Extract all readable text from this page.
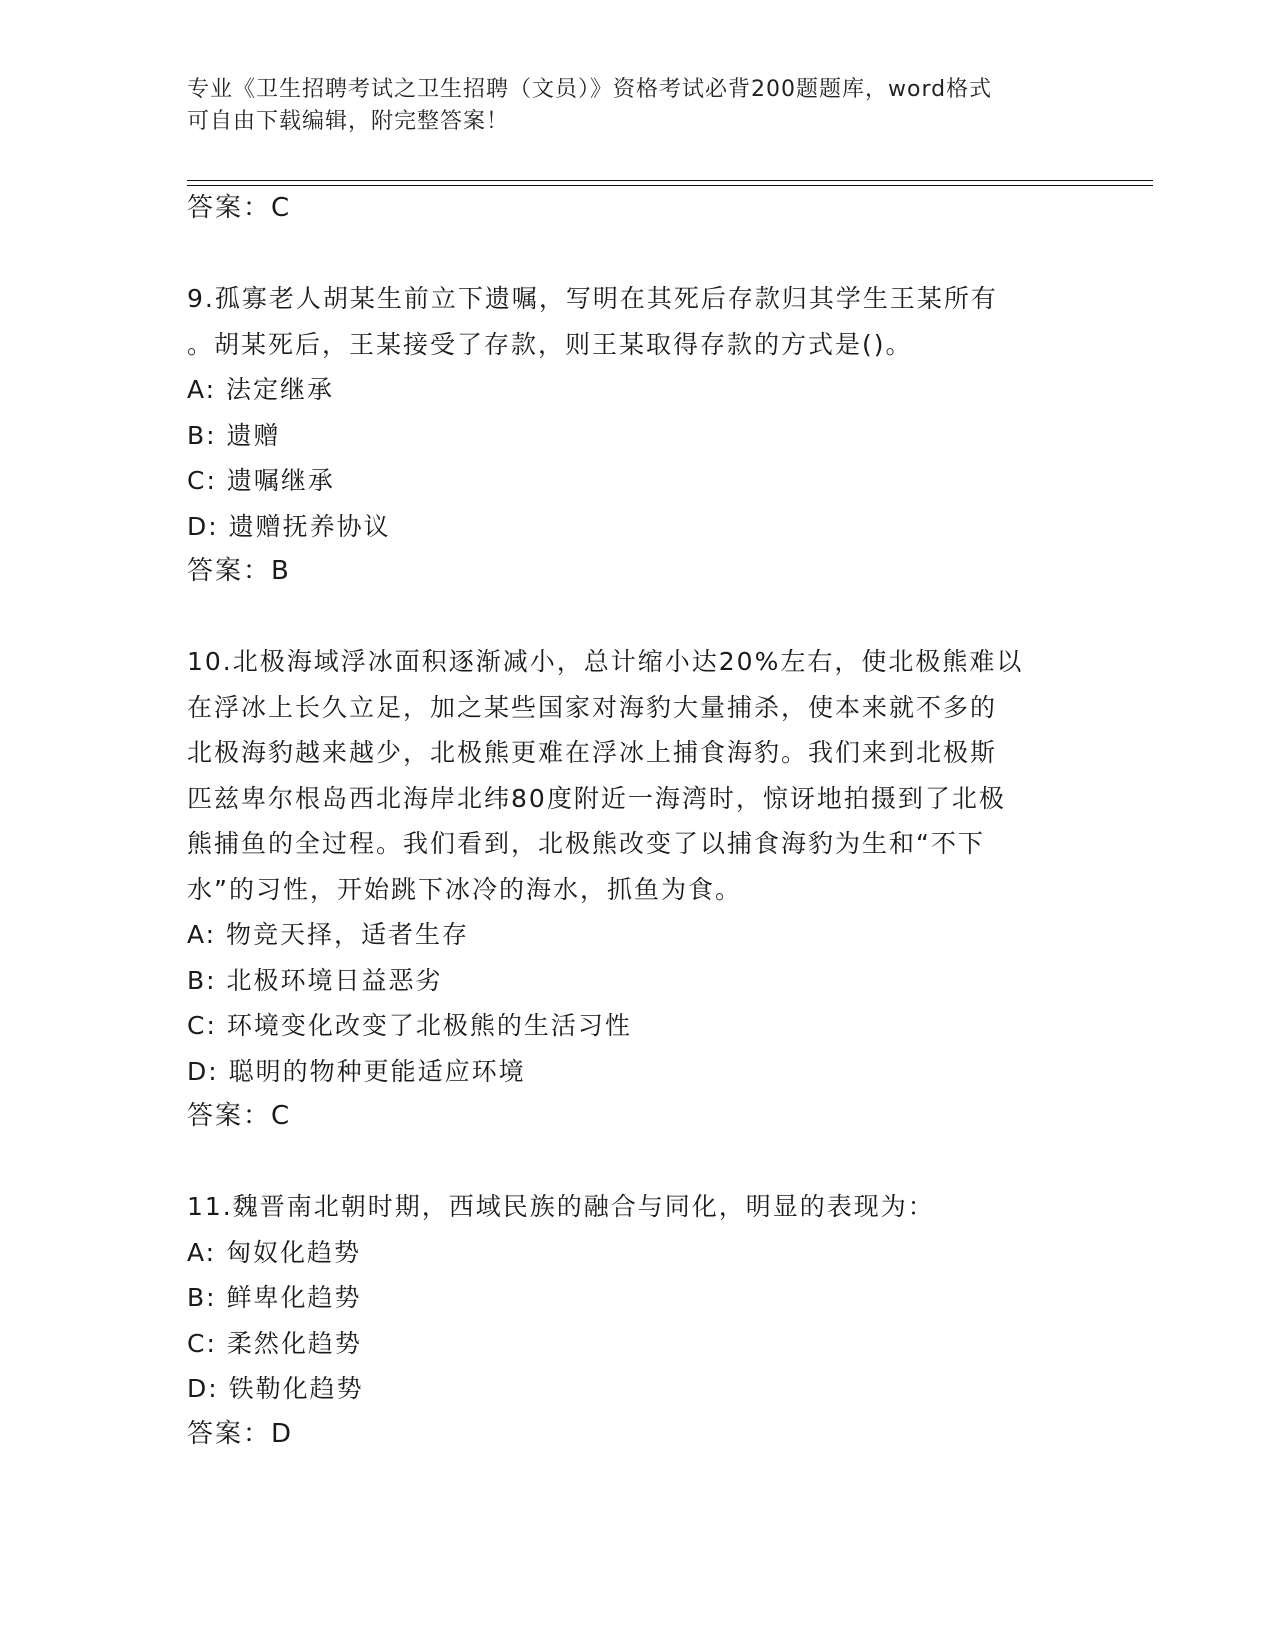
专业《卫生招聘考试之卫生招聘（文员）》资格考试必背200题题库，word格式
可自由下载编辑，附完整答案！
答案：C
9.孤寡老人胡某生前立下遗嘱，写明在其死后存款归其学生王某所有
。胡某死后，王某接受了存款，则王某取得存款的方式是()。
A: 法定继承
B: 遗赠
C: 遗嘱继承
D: 遗赠抚养协议
答案：B
10.北极海域浮冰面积逐渐减小，总计缩小达20%左右，使北极熊难以
在浮冰上长久立足，加之某些国家对海豹大量捕杀，使本来就不多的
北极海豹越来越少，北极熊更难在浮冰上捕食海豹。我们来到北极斯
匹兹卑尔根岛西北海岸北纬80度附近一海湾时，惊讶地拍摄到了北极
熊捕鱼的全过程。我们看到，北极熊改变了以捕食海豹为生和“不下
水”的习性，开始跳下冰冷的海水，抓鱼为食。
A: 物竞天择，适者生存
B: 北极环境日益恶劣
C: 环境变化改变了北极熊的生活习性
D: 聪明的物种更能适应环境
答案：C
11.魏晋南北朝时期，西域民族的融合与同化，明显的表现为：
A: 匈奴化趋势
B: 鲜卑化趋势
C: 柔然化趋势
D: 铁勒化趋势
答案：D
